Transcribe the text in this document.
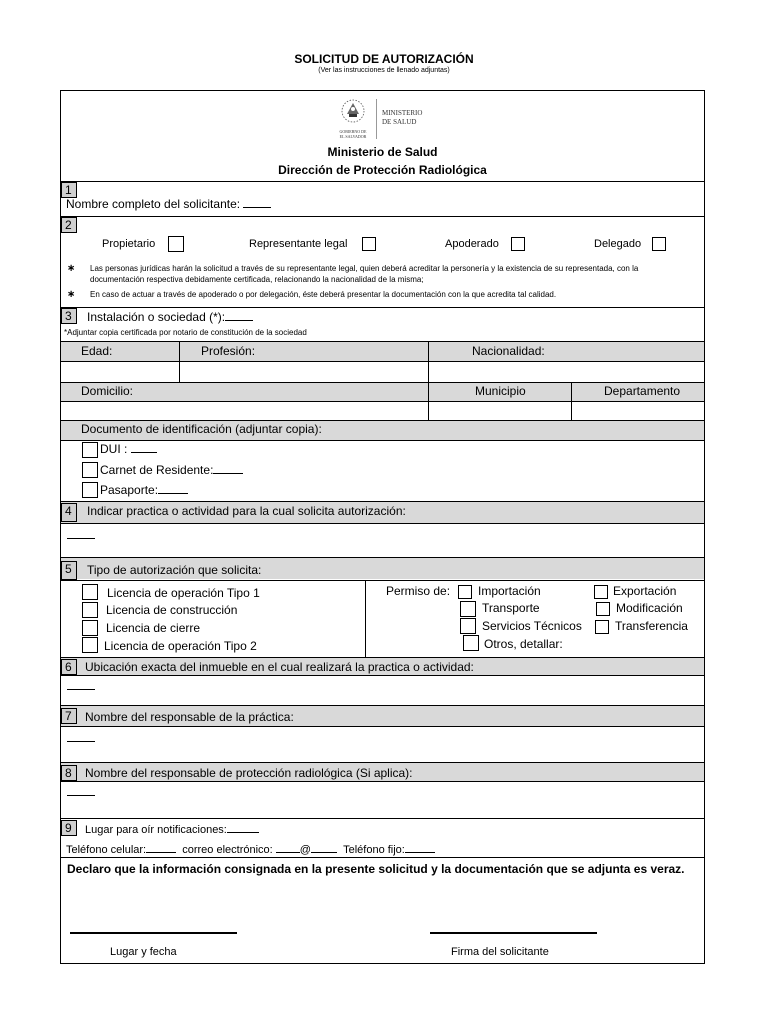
SOLICITUD DE AUTORIZACIÓN
(Ver las instrucciones de llenado adjuntas)
GOBIERNO DE
EL SALVADOR
MINISTERIO
DE SALUD
Ministerio de Salud
Dirección de Protección Radiológica
1
Nombre completo del solicitante:
2
Propietario	Representante legal	Apoderado	Delegado
∗ Las personas jurídicas harán la solicitud a través de su representante legal, quien deberá acreditar la personería y la existencia de su representada, con la
documentación respectiva debidamente certificada, relacionando la nacionalidad de la misma;
∗ En caso de actuar a través de apoderado o por delegación, éste deberá presentar la documentación con la que acredita tal calidad.
3	Instalación o sociedad (*):
*Adjuntar copia certificada por notario de constitución de la sociedad
Edad:	Profesión:	Nacionalidad:
Domicilio:	Municipio	Departamento
Documento de identificación (adjuntar copia):
DUI :
Carnet de Residente:
Pasaporte:
4	Indicar practica o actividad para la cual solicita autorización:
5	Tipo de autorización que solicita:
Licencia de operación Tipo 1
Licencia de construcción
Licencia de cierre
Licencia de operación Tipo 2
Permiso de: Importación	Exportación
Transporte	Modificación
Servicios Técnicos	Transferencia
Otros, detallar:
6	Ubicación exacta del inmueble en el cual realizará la practica o actividad:
7	Nombre del responsable de la práctica:
8	Nombre del responsable de protección radiológica (Si aplica):
9	Lugar para oír notificaciones:
Teléfono celular:	correo electrónico: @	Teléfono fijo:
Declaro que la información consignada en la presente solicitud y la documentación que se adjunta es veraz.
Lugar y fecha	Firma del solicitante
